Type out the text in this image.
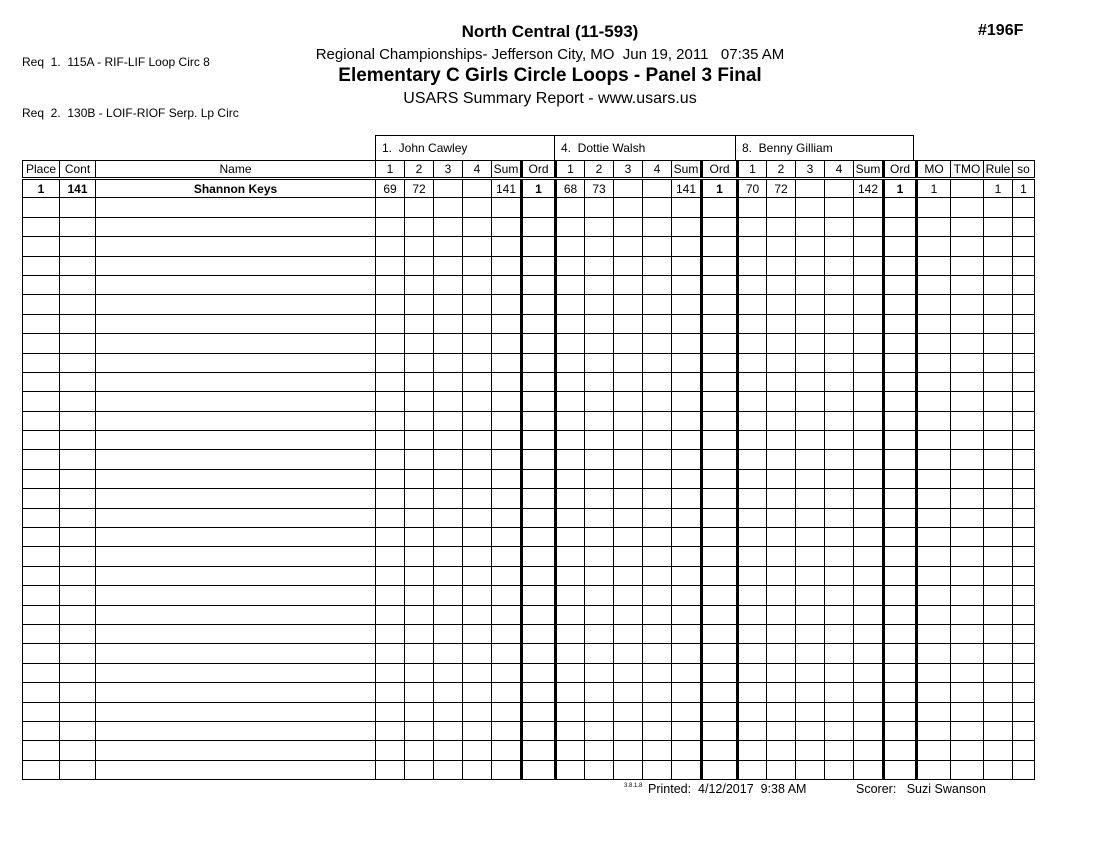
Req  1.  115A - RIF-LIF Loop Circ 8

Req  2.  130B - LOIF-RIOF Serp. Lp Circ

North Central (11-593)
Regional Championships- Jefferson City, MO  Jun 19, 2011   07:35 AM
Elementary C Girls Circle Loops - Panel 3 Final
USARS Summary Report - www.usars.us
#196F
1.  John Cawley	4.  Dottie Walsh	8.  Benny Gilliam
Place	Cont	Name	1	2	3	4	Sum	Ord	1	2	3	4	Sum	Ord	1	2	3	4	Sum	Ord	MO	TMO	Rule	so
1	141	Shannon Keys	69	72			141	1	68	73			141	1	70	72			142	1	1		1	1

3.8.1.8 Printed: 4/12/2017  9:38 AM	Scorer: Suzi Swanson
